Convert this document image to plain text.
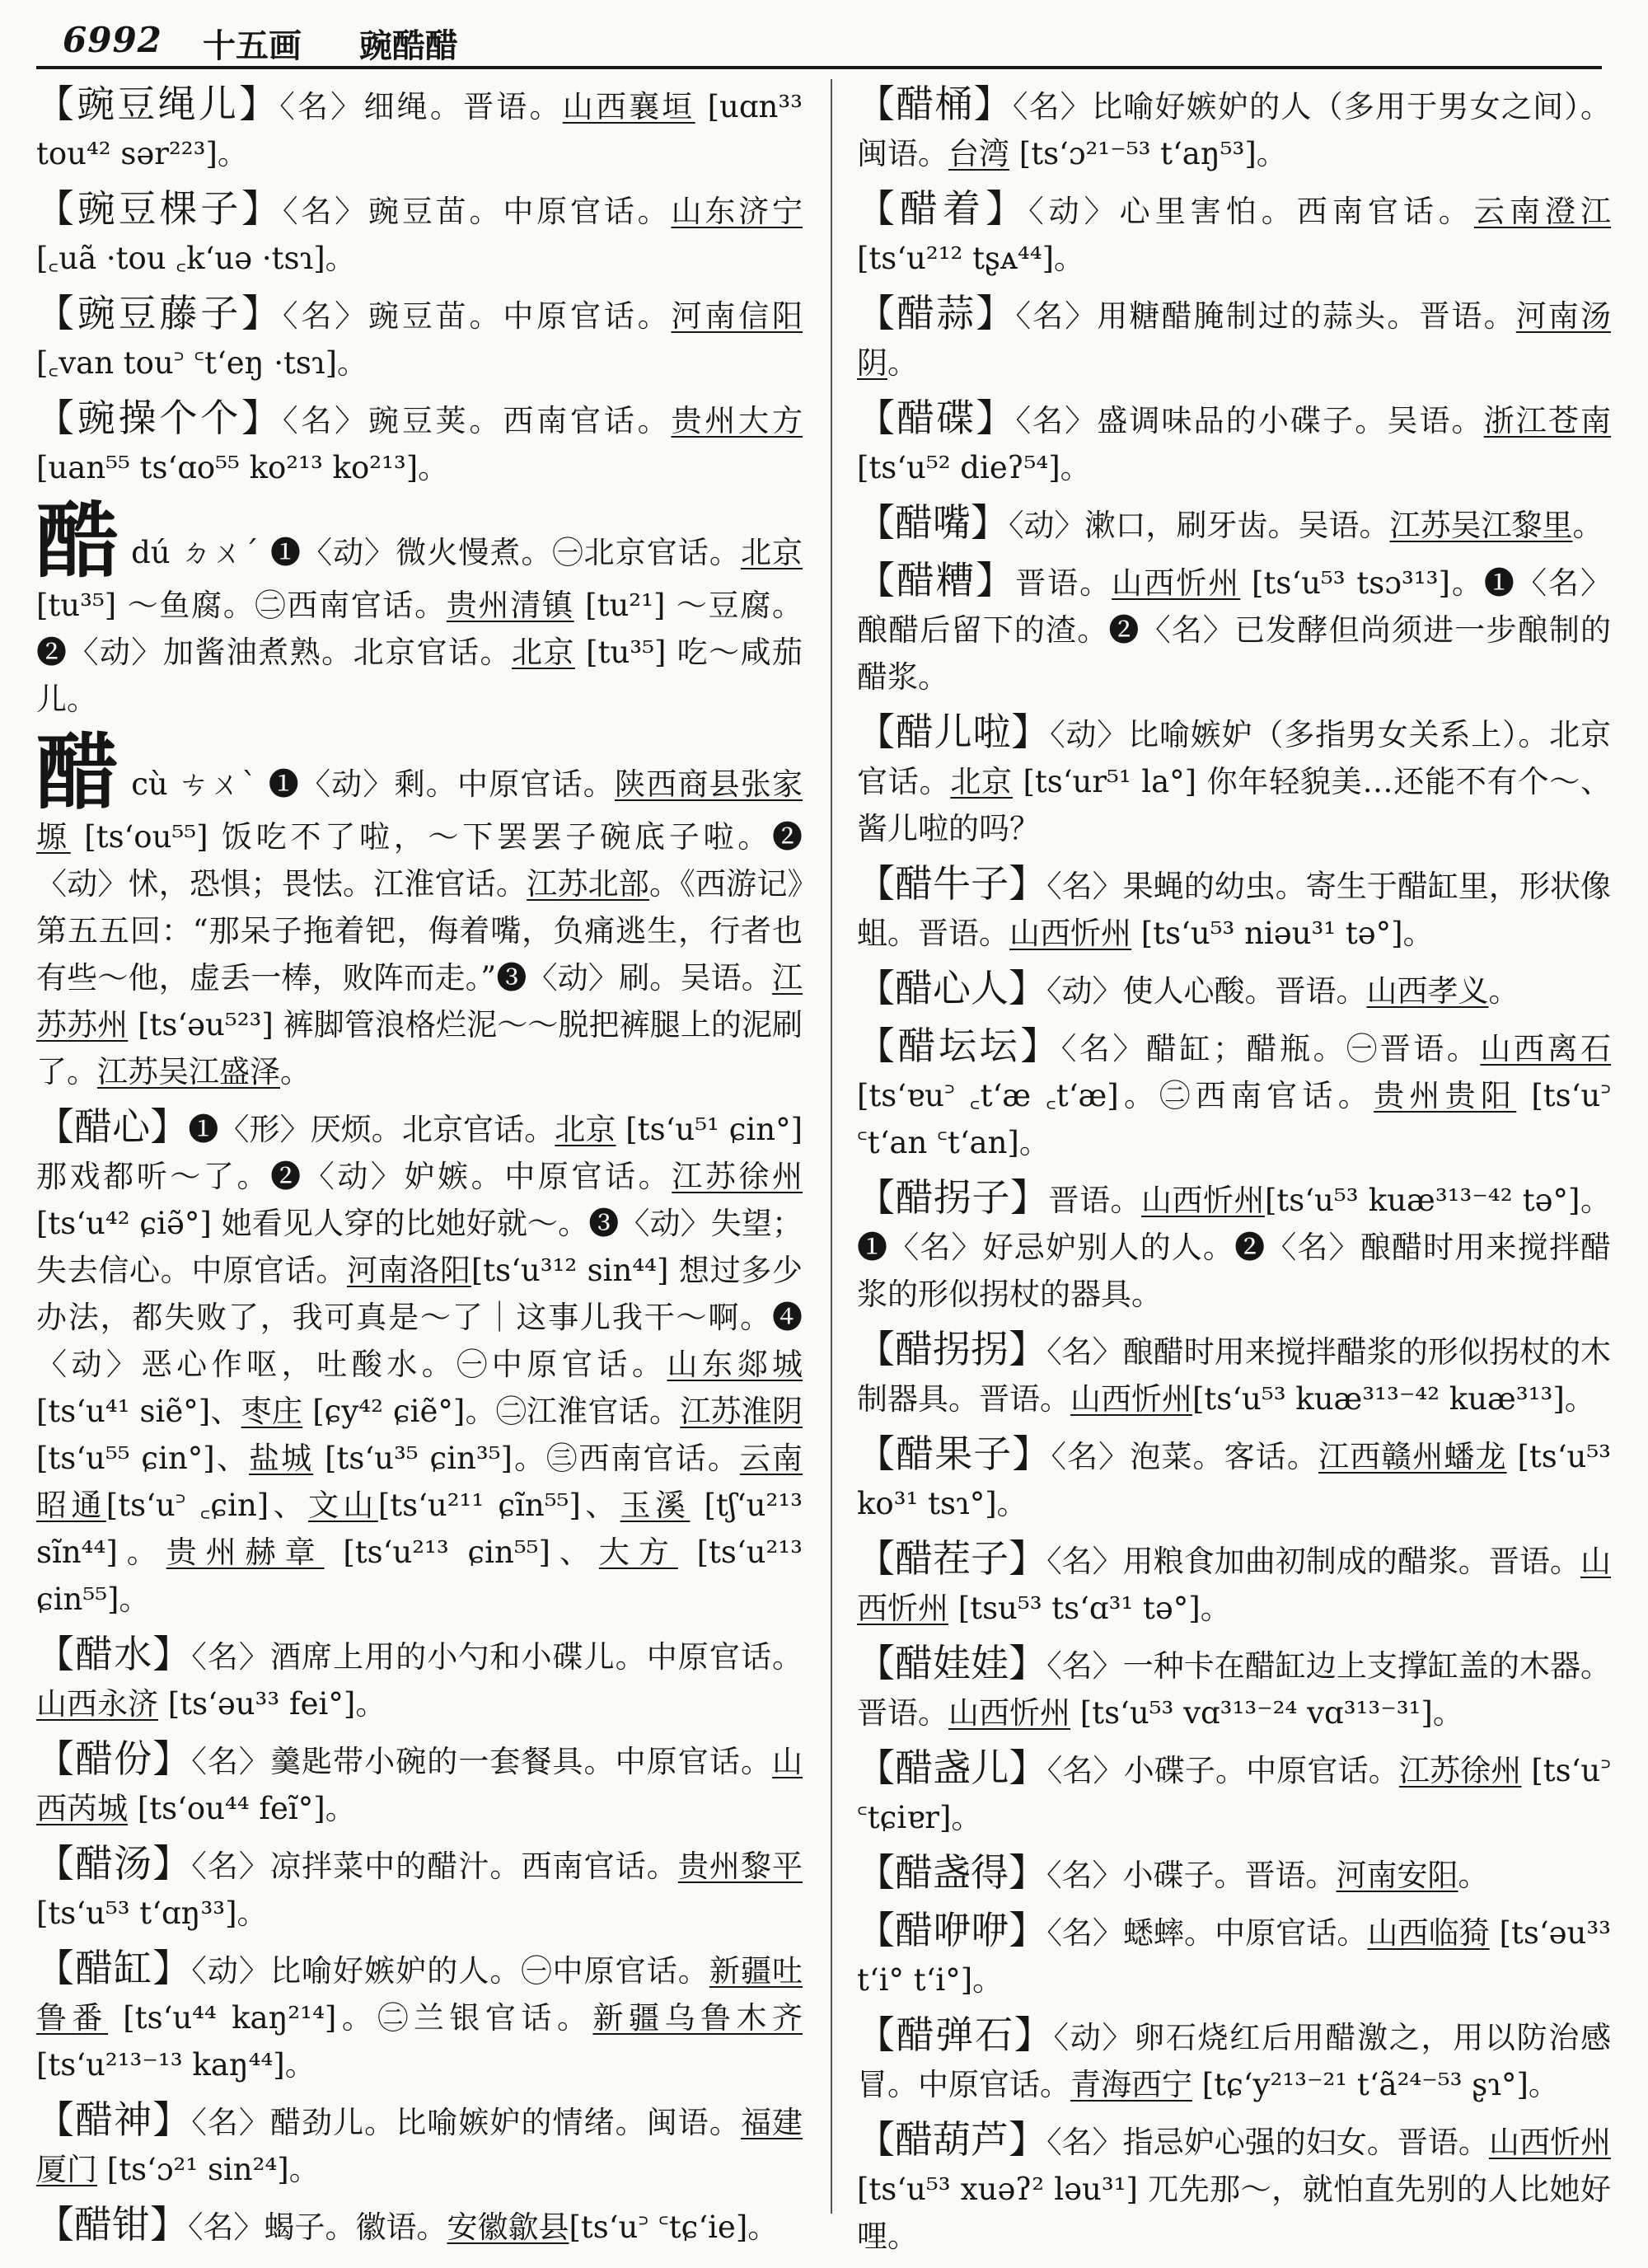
6992 十五画 豌酷醋
【豌豆绳儿】〈名〉细绳。晋语。山西襄垣 [uɑn³³ tou⁴² sər²²³]。
【豌豆棵子】〈名〉豌豆苗。中原官话。山东济宁 [꜀uã ·tou ꜀k‘uə ·tsɿ]。
【豌豆藤子】〈名〉豌豆苗。中原官话。河南信阳 [꜀van tou꜄ ꜂t‘eŋ ·tsɿ]。
【豌操个个】〈名〉豌豆荚。西南官话。贵州大方 [uan⁵⁵ ts‘ɑo⁵⁵ ko²¹³ ko²¹³]。
酷dú ㄉㄨˊ ❶〈动〉微火慢煮。㊀北京官话。北京[tu³⁵] ～鱼腐。㊁西南官话。贵州清镇 [tu²¹] ～豆腐。❷〈动〉加酱油煮熟。北京官话。北京 [tu³⁵] 吃～咸茄儿。
醋cù ㄘㄨˋ ❶〈动〉剩。中原官话。陕西商县张家塬 [ts‘ou⁵⁵] 饭吃不了啦，～下罢罢子碗底子啦。❷〈动〉怵，恐惧；畏怯。江淮官话。江苏北部。《西游记》第五五回：“那呆子拖着钯，侮着嘴，负痛逃生，行者也有些～他，虚丢一棒，败阵而走。”❸〈动〉刷。吴语。江苏苏州 [ts‘əu⁵²³] 裤脚管浪格烂泥～～脱把裤腿上的泥刷了。江苏吴江盛泽。
【醋心】❶〈形〉厌烦。北京官话。北京 [ts‘u⁵¹ ɕin°] 那戏都听～了。❷〈动〉妒嫉。中原官话。江苏徐州 [ts‘u⁴² ɕiə̃°] 她看见人穿的比她好就～。❸〈动〉失望；失去信心。中原官话。河南洛阳[ts‘u³¹² sin⁴⁴] 想过多少办法，都失败了，我可真是～了｜这事儿我干～啊。❹〈动〉恶心作呕，吐酸水。㊀中原官话。山东郯城 [ts‘u⁴¹ siẽ°]、枣庄 [ɕy⁴² ɕiẽ°]。㊁江淮官话。江苏淮阴 [ts‘u⁵⁵ ɕin°]、盐城 [ts‘u³⁵ ɕin³⁵]。㊂西南官话。云南昭通[ts‘u꜄ ꜀ɕin]、文山[ts‘u²¹¹ ɕĩn⁵⁵]、玉溪 [tʃ‘u²¹³ sĩn⁴⁴]。贵州赫章 [ts‘u²¹³ ɕin⁵⁵]、大方 [ts‘u²¹³ ɕin⁵⁵]。
【醋水】〈名〉酒席上用的小勺和小碟儿。中原官话。山西永济 [ts‘əu³³ fei°]。
【醋份】〈名〉羹匙带小碗的一套餐具。中原官话。山西芮城 [ts‘ou⁴⁴ feĩ°]。
【醋汤】〈名〉凉拌菜中的醋汁。西南官话。贵州黎平 [ts‘u⁵³ t‘ɑŋ³³]。
【醋缸】〈动〉比喻好嫉妒的人。㊀中原官话。新疆吐鲁番 [ts‘u⁴⁴ kaŋ²¹⁴]。㊁兰银官话。新疆乌鲁木齐 [ts‘u²¹³⁻¹³ kaŋ⁴⁴]。
【醋神】〈名〉醋劲儿。比喻嫉妒的情绪。闽语。福建厦门 [ts‘ɔ²¹ sin²⁴]。
【醋钳】〈名〉蝎子。徽语。安徽歙县[ts‘u꜄ ꜂tɕ‘ie]。
【醋桶】〈名〉比喻好嫉妒的人（多用于男女之间）。闽语。台湾 [ts‘ɔ²¹⁻⁵³ t‘aŋ⁵³]。
【醋着】〈动〉心里害怕。西南官话。云南澄江 [ts‘u²¹² tʂᴀ⁴⁴]。
【醋蒜】〈名〉用糖醋腌制过的蒜头。晋语。河南汤阴。
【醋碟】〈名〉盛调味品的小碟子。吴语。浙江苍南 [ts‘u⁵² dieʔ⁵⁴]。
【醋嘴】〈动〉漱口，刷牙齿。吴语。江苏吴江黎里。
【醋糟】晋语。山西忻州 [ts‘u⁵³ tsɔ³¹³]。❶〈名〉酿醋后留下的渣。❷〈名〉已发酵但尚须进一步酿制的醋浆。
【醋儿啦】〈动〉比喻嫉妒（多指男女关系上）。北京官话。北京 [ts‘ur⁵¹ la°] 你年轻貌美…还能不有个～、酱儿啦的吗？
【醋牛子】〈名〉果蝇的幼虫。寄生于醋缸里，形状像蛆。晋语。山西忻州 [ts‘u⁵³ niəu³¹ tə°]。
【醋心人】〈动〉使人心酸。晋语。山西孝义。
【醋坛坛】〈名〉醋缸；醋瓶。㊀晋语。山西离石 [ts‘ɐu꜄ ꜀t‘æ ꜀t‘æ]。㊁西南官话。贵州贵阳 [ts‘u꜄ ꜂t‘an ꜂t‘an]。
【醋拐子】晋语。山西忻州[ts‘u⁵³ kuæ³¹³⁻⁴² tə°]。❶〈名〉好忌妒别人的人。❷〈名〉酿醋时用来搅拌醋浆的形似拐杖的器具。
【醋拐拐】〈名〉酿醋时用来搅拌醋浆的形似拐杖的木制器具。晋语。山西忻州[ts‘u⁵³ kuæ³¹³⁻⁴² kuæ³¹³]。
【醋果子】〈名〉泡菜。客话。江西赣州蟠龙 [ts‘u⁵³ ko³¹ tsɿ°]。
【醋茬子】〈名〉用粮食加曲初制成的醋浆。晋语。山西忻州 [tsu⁵³ ts‘ɑ³¹ tə°]。
【醋娃娃】〈名〉一种卡在醋缸边上支撑缸盖的木器。晋语。山西忻州 [ts‘u⁵³ vɑ³¹³⁻²⁴ vɑ³¹³⁻³¹]。
【醋盏儿】〈名〉小碟子。中原官话。江苏徐州 [ts‘u꜄ ꜂tɕiɐr]。
【醋盏得】〈名〉小碟子。晋语。河南安阳。
【醋咿咿】〈名〉蟋蟀。中原官话。山西临猗 [ts‘əu³³ t‘i° t‘i°]。
【醋弹石】〈动〉卵石烧红后用醋激之，用以防治感冒。中原官话。青海西宁 [tɕ‘y²¹³⁻²¹ t‘ã²⁴⁻⁵³ ʂɿ°]。
【醋葫芦】〈名〉指忌妒心强的妇女。晋语。山西忻州 [ts‘u⁵³ xuəʔ² ləu³¹] 兀先那～，就怕直先别的人比她好哩。
